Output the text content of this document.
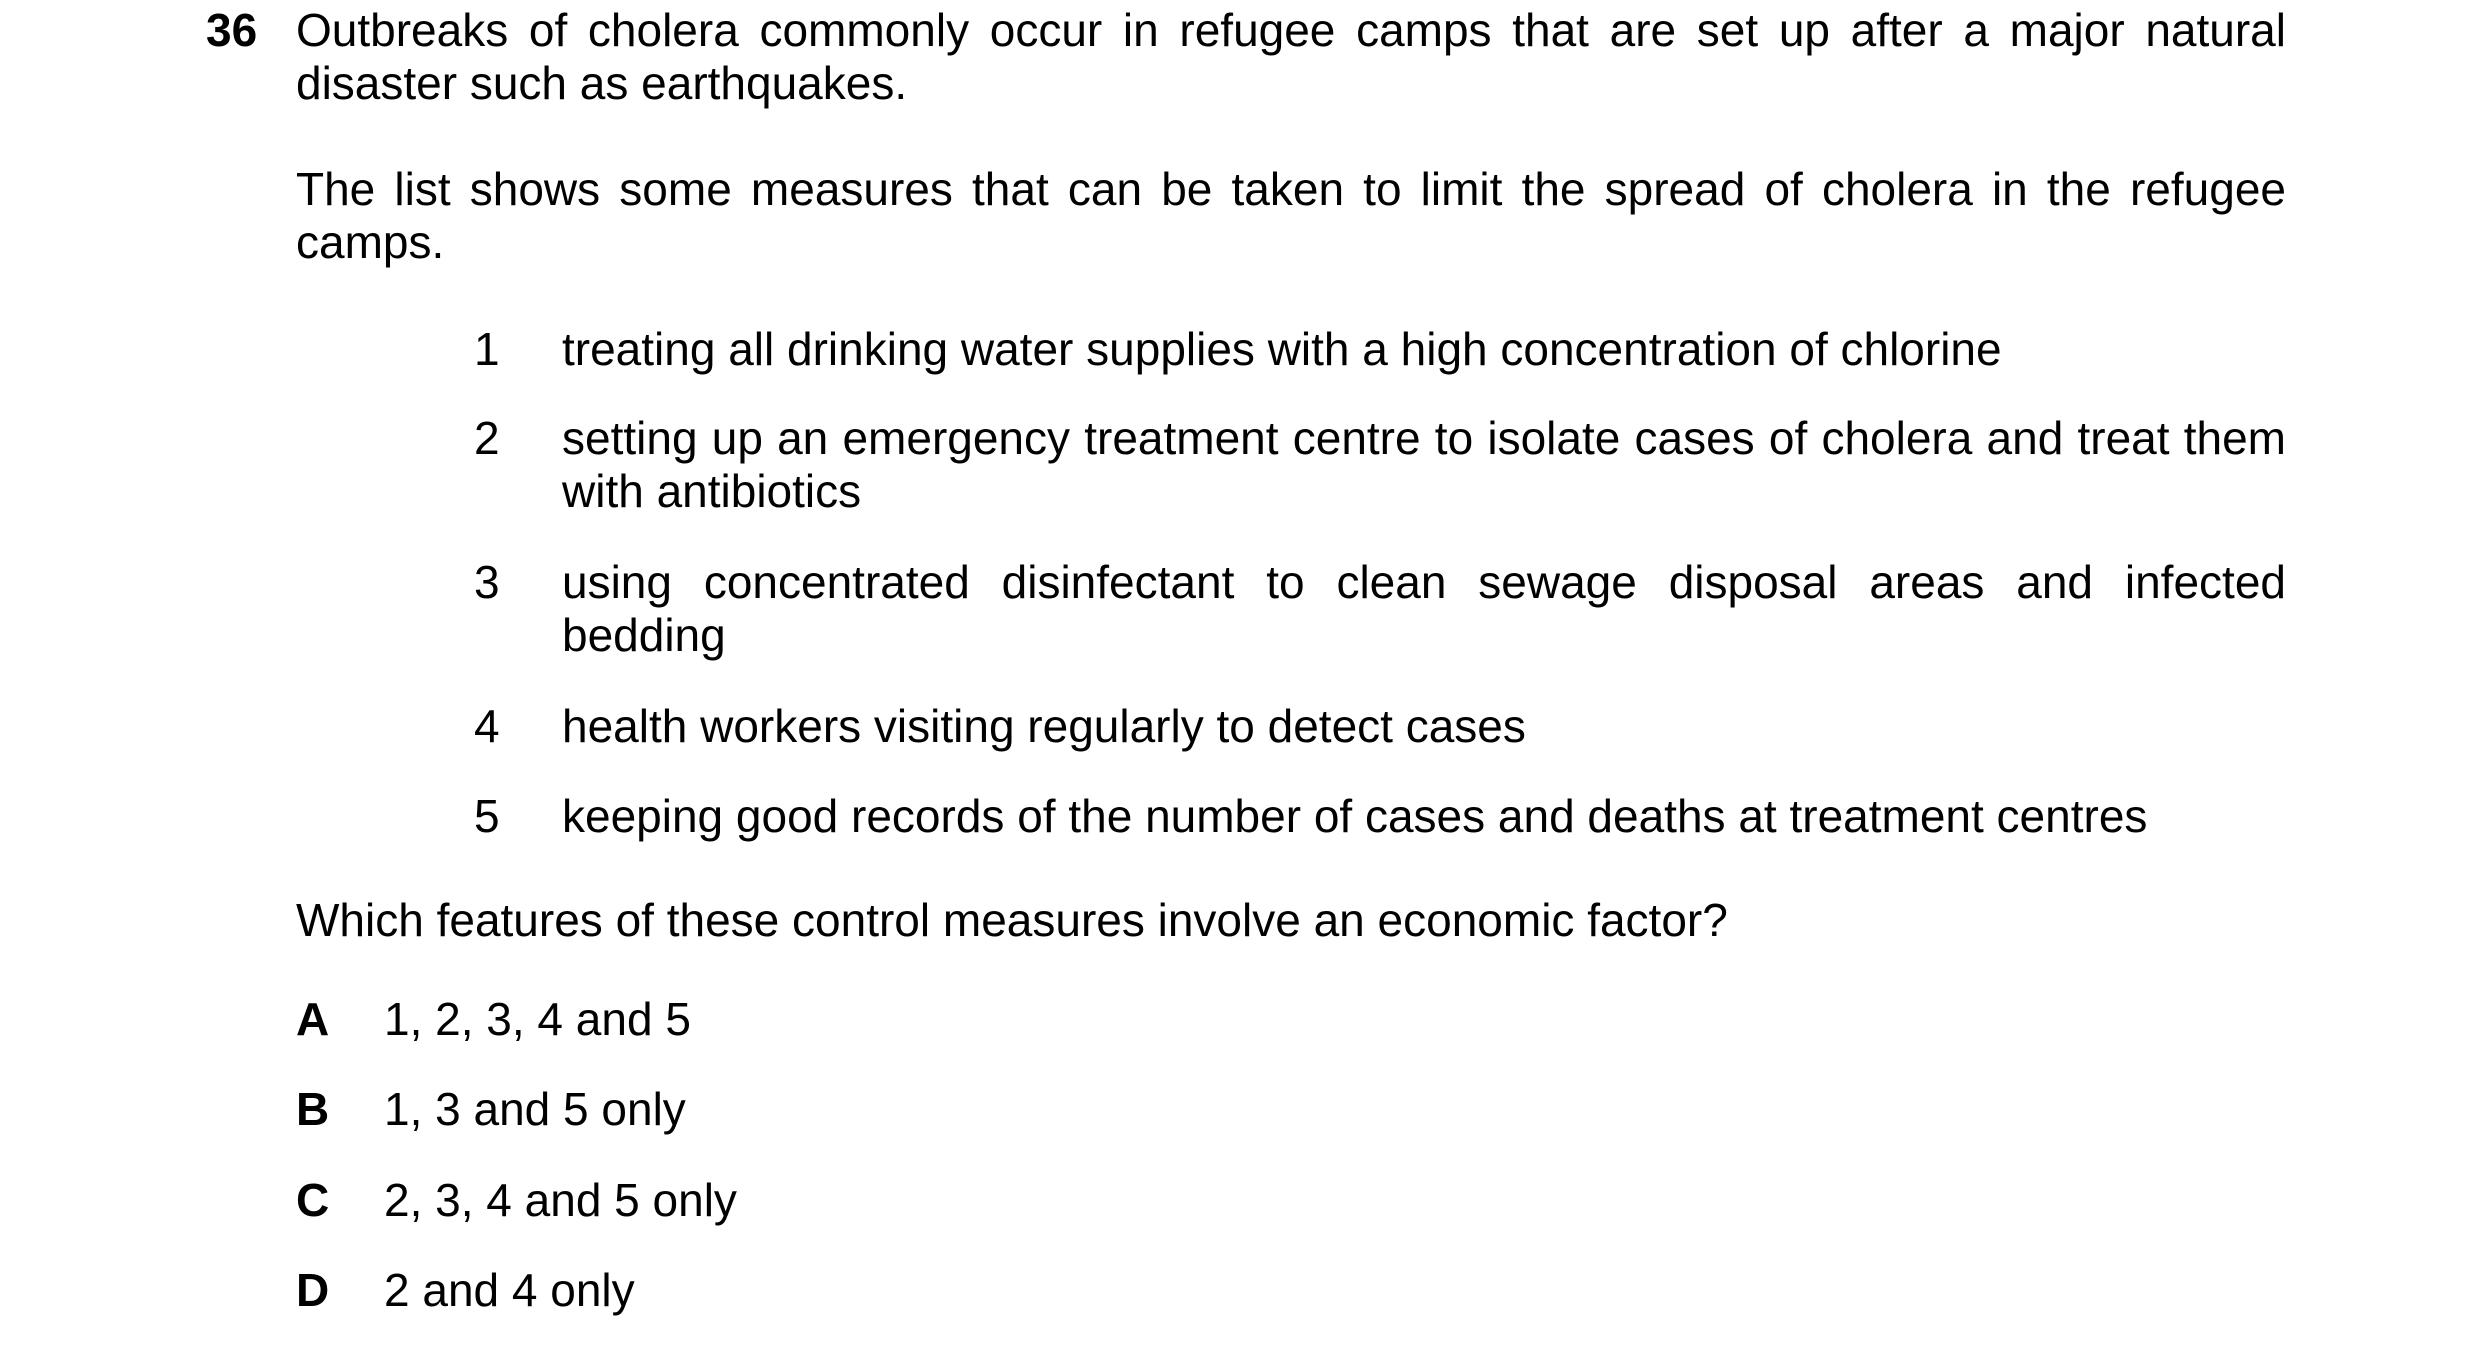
36 Outbreaks of cholera commonly occur in refugee camps that are set up after a major natural disaster such as earthquakes.
The list shows some measures that can be taken to limit the spread of cholera in the refugee camps.
1 treating all drinking water supplies with a high concentration of chlorine
2 setting up an emergency treatment centre to isolate cases of cholera and treat them with antibiotics
3 using concentrated disinfectant to clean sewage disposal areas and infected bedding
4 health workers visiting regularly to detect cases
5 keeping good records of the number of cases and deaths at treatment centres
Which features of these control measures involve an economic factor?
A 1, 2, 3, 4 and 5
B 1, 3 and 5 only
C 2, 3, 4 and 5 only
D 2 and 4 only
